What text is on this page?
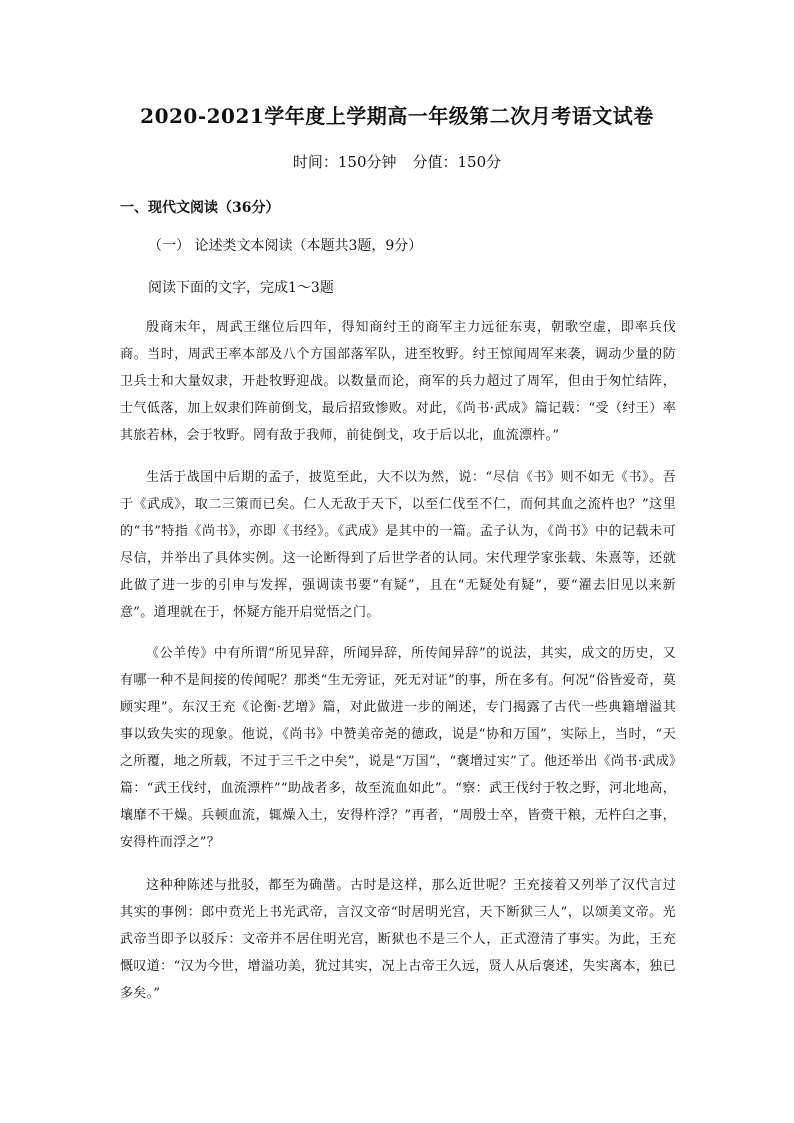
2020-2021学年度上学期高一年级第二次月考语文试卷
时间：150分钟 分值：150分
一、现代文阅读（36分）
（一） 论述类文本阅读（本题共3题，9分）
阅读下面的文字，完成1～3题

殷商末年，周武王继位后四年，得知商纣王的商军主力远征东夷，朝歌空虚，即率兵伐商。当时，周武王率本部及八个方国部落军队，进至牧野。纣王惊闻周军来袭，调动少量的防卫兵士和大量奴隶，开赴牧野迎战。以数量而论，商军的兵力超过了周军，但由于匆忙结阵，士气低落，加上奴隶们阵前倒戈，最后招致惨败。对此，《尚书·武成》篇记载：“受（纣王）率其旅若林，会于牧野。罔有敌于我师，前徒倒戈，攻于后以北，血流漂杵。”

生活于战国中后期的孟子，披览至此，大不以为然，说：“尽信《书》则不如无《书》。吾于《武成》，取二三策而已矣。仁人无敌于天下，以至仁伐至不仁，而何其血之流杵也？”这里的“书”特指《尚书》，亦即《书经》。《武成》是其中的一篇。孟子认为，《尚书》中的记载未可尽信，并举出了具体实例。这一论断得到了后世学者的认同。宋代理学家张载、朱熹等，还就此做了进一步的引申与发挥，强调读书要“有疑”，且在“无疑处有疑”，要“濯去旧见以来新意”。道理就在于，怀疑方能开启觉悟之门。

《公羊传》中有所谓“所见异辞，所闻异辞，所传闻异辞”的说法，其实，成文的历史，又有哪一种不是间接的传闻呢？那类“生无旁证，死无对证”的事，所在多有。何况“俗皆爱奇，莫顾实理”。东汉王充《论衡·艺增》篇，对此做进一步的阐述，专门揭露了古代一些典籍增溢其事以致失实的现象。他说，《尚书》中赞美帝尧的德政，说是“协和万国”，实际上，当时，“天之所覆，地之所载，不过于三千之中矣”，说是“万国”，“褒增过实”了。他还举出《尚书·武成》篇：“武王伐纣，血流漂杵”“助战者多，故至流血如此”。“察：武王伐纣于牧之野，河北地高，壤靡不干燥。兵顿血流，辄燥入土，安得杵浮？”再者，“周殷士卒，皆赍干粮，无杵臼之事，安得杵而浮之”？

这种种陈述与批驳，都至为确凿。古时是这样，那么近世呢？王充接着又列举了汉代言过其实的事例：郎中贲光上书光武帝，言汉文帝“时居明光宫，天下断狱三人”，以颂美文帝。光武帝当即予以驳斥：文帝并不居住明光宫，断狱也不是三个人，正式澄清了事实。为此，王充慨叹道：“汉为今世，增溢功美，犹过其实，况上古帝王久远，贤人从后褒述，失实离本，独已多矣。”
